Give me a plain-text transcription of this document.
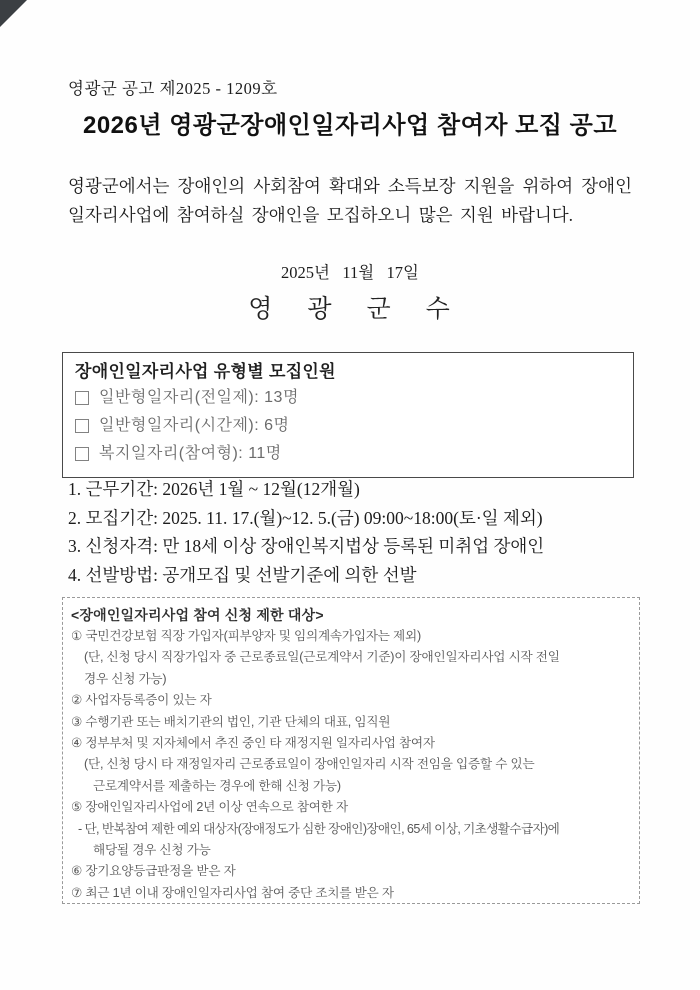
영광군 공고 제2025 - 1209호
2026년 영광군장애인일자리사업 참여자 모집 공고
영광군에서는 장애인의 사회참여 확대와 소득보장 지원을 위하여 장애인
일자리사업에 참여하실 장애인을 모집하오니 많은 지원 바랍니다.
2025년   11월   17일
영    광    군    수
장애인일자리사업 유형별 모집인원
일반형일자리(전일제): 13명
일반형일자리(시간제): 6명
복지일자리(참여형): 11명
1. 근무기간: 2026년 1월 ~ 12월(12개월)
2. 모집기간: 2025. 11. 17.(월)~12. 5.(금) 09:00~18:00(토·일 제외)
3. 신청자격: 만 18세 이상 장애인복지법상 등록된 미취업 장애인
4. 선발방법: 공개모집 및 선발기준에 의한 선발
<장애인일자리사업 참여 신청 제한 대상>
① 국민건강보험 직장 가입자(피부양자 및 임의계속가입자는 제외)
(단, 신청 당시 직장가입자 중 근로종료일(근로계약서 기준)이 장애인일자리사업 시작 전일
경우 신청 가능)
② 사업자등록증이 있는 자
③ 수행기관 또는 배치기관의 법인, 기관 단체의 대표, 임직원
④ 정부부처 및 지자체에서 추진 중인 타 재정지원 일자리사업 참여자
(단, 신청 당시 타 재정일자리 근로종료일이 장애인일자리 시작 전임을 입증할 수 있는
근로계약서를 제출하는 경우에 한해 신청 가능)
⑤ 장애인일자리사업에 2년 이상 연속으로 참여한 자
- 단, 반복참여 제한 예외 대상자(장애정도가 심한 장애인)장애인, 65세 이상, 기초생활수급자)에
해당될 경우 신청 가능
⑥ 장기요양등급판정을 받은 자
⑦ 최근 1년 이내 장애인일자리사업 참여 중단 조치를 받은 자
